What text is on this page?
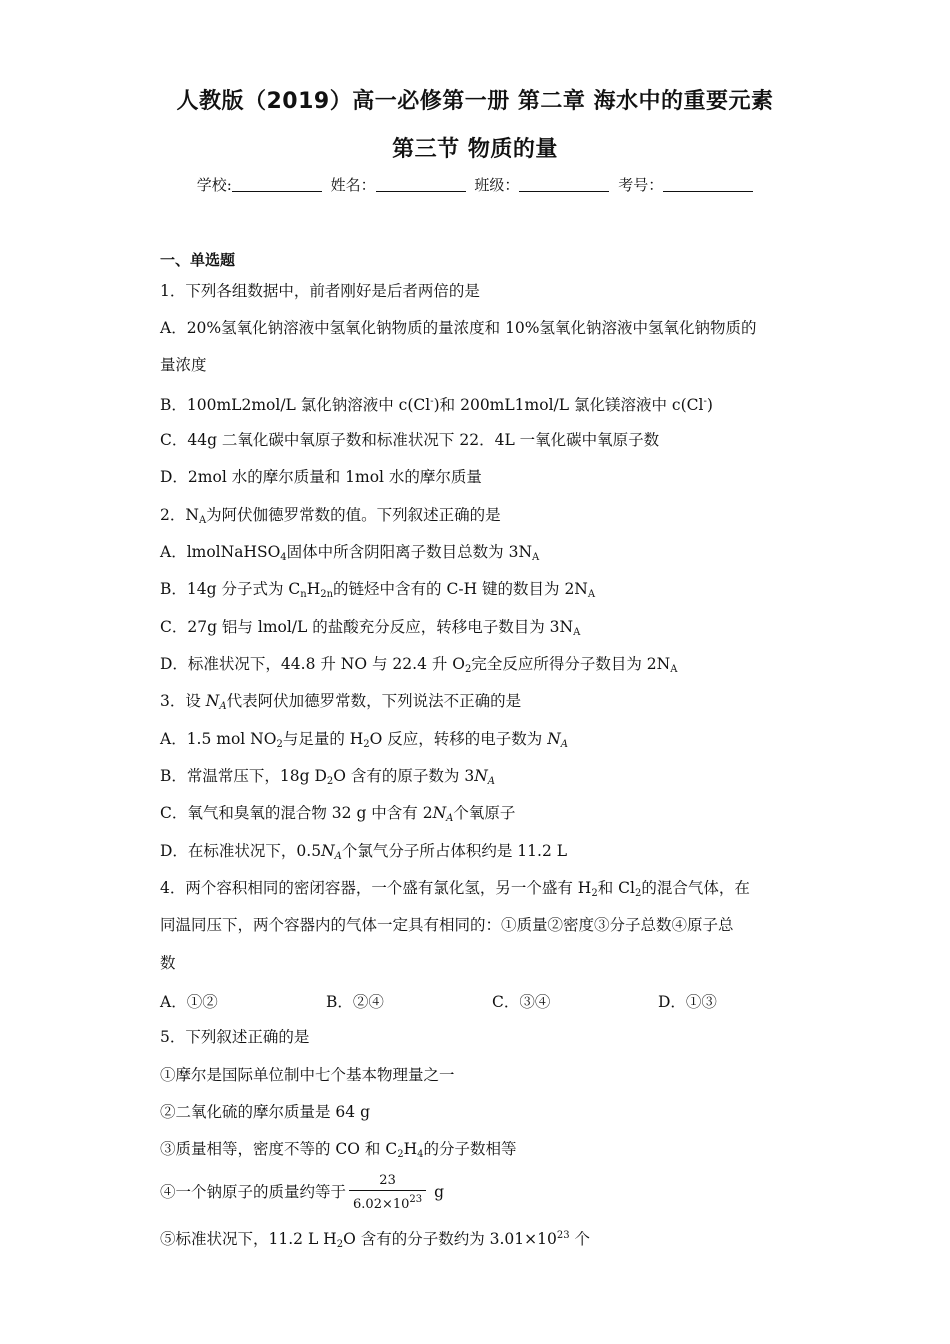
人教版（2019）高一必修第一册 第二章 海水中的重要元素
第三节 物质的量
学校:	姓名：	班级：	考号：
一、单选题
1．下列各组数据中，前者刚好是后者两倍的是
A．20%氢氧化钠溶液中氢氧化钠物质的量浓度和 10%氢氧化钠溶液中氢氧化钠物质的
量浓度
B．100mL2mol/L 氯化钠溶液中 c(Cl-)和 200mL1mol/L 氯化镁溶液中 c(Cl-)
C．44g 二氧化碳中氧原子数和标准状况下 22．4L 一氧化碳中氧原子数
D．2mol 水的摩尔质量和 1mol 水的摩尔质量
2．$N_A$为阿伏伽德罗常数的值。下列叙述正确的是
A．lmolNaHSO$_4$固体中所含阴阳离子数目总数为 $3N_A$
B．14g 分子式为 $C_nH_{2n}$的链烃中含有的 C-H 键的数目为 $2N_A$
C．27g 铝与 lmol/L 的盐酸充分反应，转移电子数目为 $3N_A$
D．标准状况下，44.8 升 NO 与 22.4 升 $O_2$完全反应所得分子数目为 $2N_A$
3．设 $N_A$代表阿伏加德罗常数，下列说法不正确的是
A．1.5 mol $NO_2$与足量的 $H_2O$ 反应，转移的电子数为 $N_A$
B．常温常压下，18g $D_2O$ 含有的原子数为 $3N_A$
C．氧气和臭氧的混合物 32 g 中含有 $2N_A$个氧原子
D．在标准状况下，$0.5N_A$个氯气分子所占体积约是 11.2 L
4．两个容积相同的密闭容器，一个盛有氯化氢，另一个盛有 $H_2$和 $Cl_2$的混合气体，在
同温同压下，两个容器内的气体一定具有相同的：①质量②密度③分子总数④原子总
数
A．①②	B．②④	C．③④	D．①③
5．下列叙述正确的是
①摩尔是国际单位制中七个基本物理量之一
②二氧化硫的摩尔质量是 64 g
③质量相等，密度不等的 CO 和 $C_2H_4$的分子数相等
④一个钠原子的质量约等于 $\frac{23}{6.02\times 10^{23}}$ g
⑤标准状况下，11.2 L $H_2O$ 含有的分子数约为 $3.01\times 10^{23}$ 个
